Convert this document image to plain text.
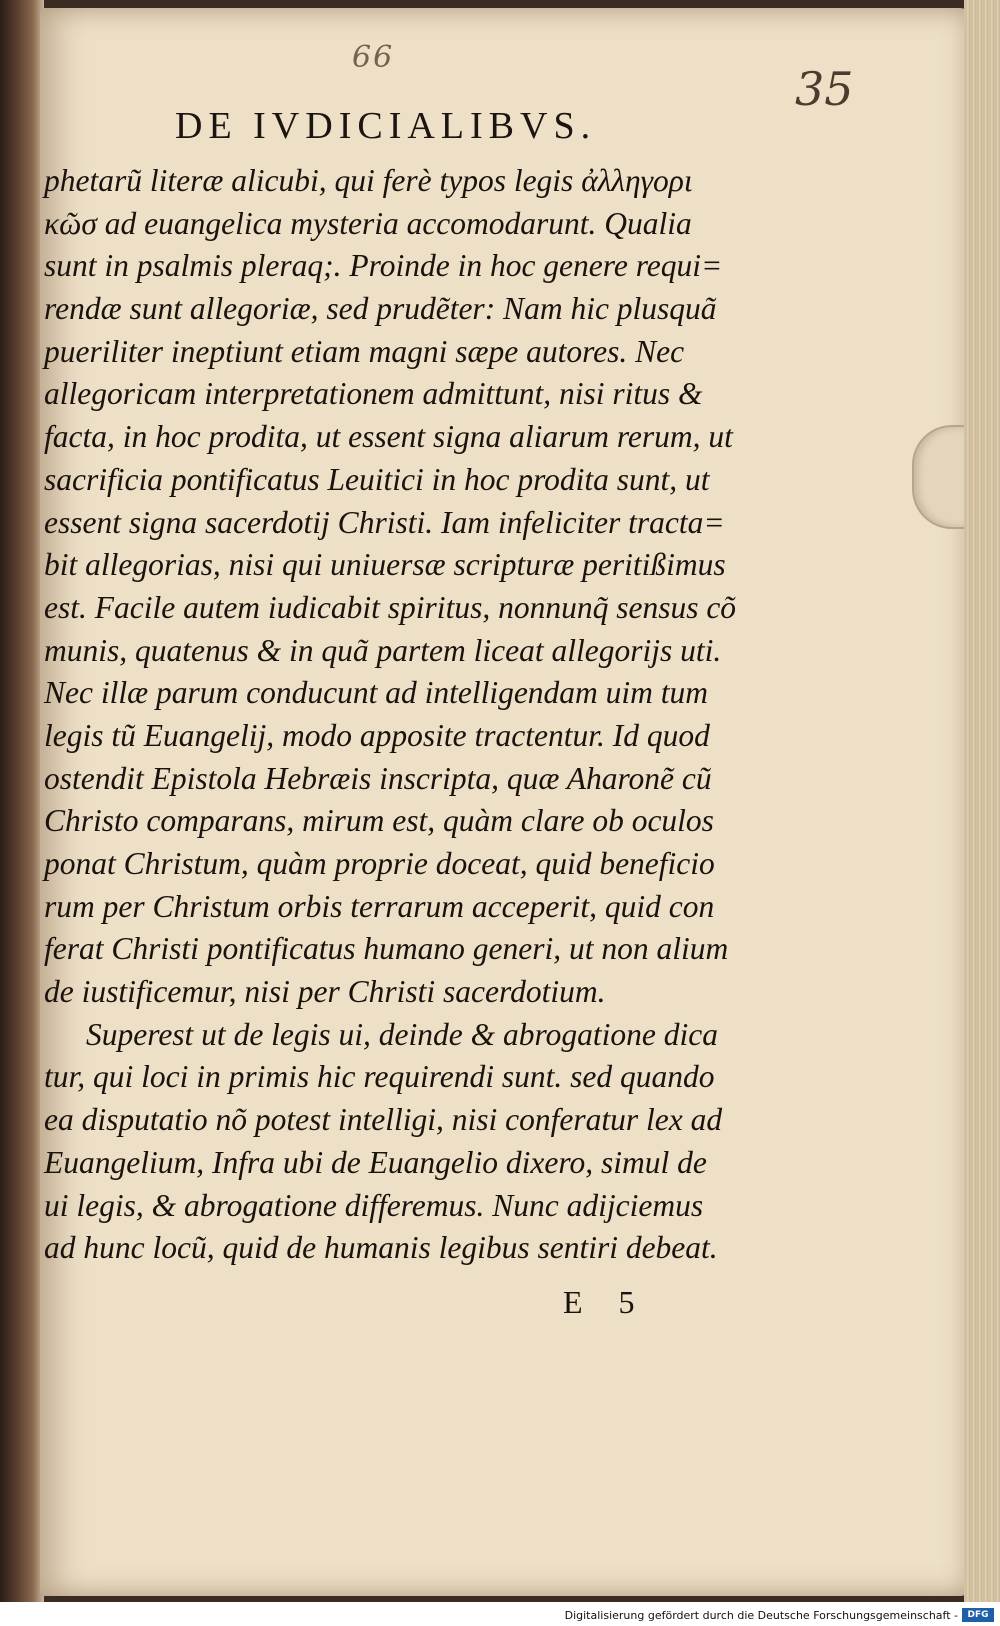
66
35
DE IVDICIALIBVS.
phetarũ literæ alicubi, qui ferè typos legis ἀλληγορι
κῶσ ad euangelica mysteria accomodarunt. Qualia
sunt in psalmis pleraq;. Proinde in hoc genere requi=
rendæ sunt allegoriæ, sed prudẽter: Nam hic plusquã
pueriliter ineptiunt etiam magni sæpe autores. Nec
allegoricam interpretationem admittunt, nisi ritus &
facta, in hoc prodita, ut essent signa aliarum rerum, ut
sacrificia pontificatus Leuitici in hoc prodita sunt, ut
essent signa sacerdotij Christi. Iam infeliciter tracta=
bit allegorias, nisi qui uniuersæ scripturæ peritißimus
est. Facile autem iudicabit spiritus, nonnunq̃ sensus cõ
munis, quatenus & in quã partem liceat allegorijs uti.
Nec illæ parum conducunt ad intelligendam uim tum
legis tũ Euangelij, modo apposite tractentur. Id quod
ostendit Epistola Hebræis inscripta, quæ Aharonẽ cũ
Christo comparans, mirum est, quàm clare ob oculos
ponat Christum, quàm proprie doceat, quid beneficio
rum per Christum orbis terrarum acceperit, quid con
ferat Christi pontificatus humano generi, ut non alium
de iustificemur, nisi per Christi sacerdotium.
Superest ut de legis ui, deinde & abrogatione dica
tur, qui loci in primis hic requirendi sunt. sed quando
ea disputatio nõ potest intelligi, nisi conferatur lex ad
Euangelium, Infra ubi de Euangelio dixero, simul de
ui legis, & abrogatione differemus. Nunc adijciemus
ad hunc locũ, quid de humanis legibus sentiri debeat.
E 5
Digitalisierung gefördert durch die Deutsche Forschungsgemeinschaft -	DFG
